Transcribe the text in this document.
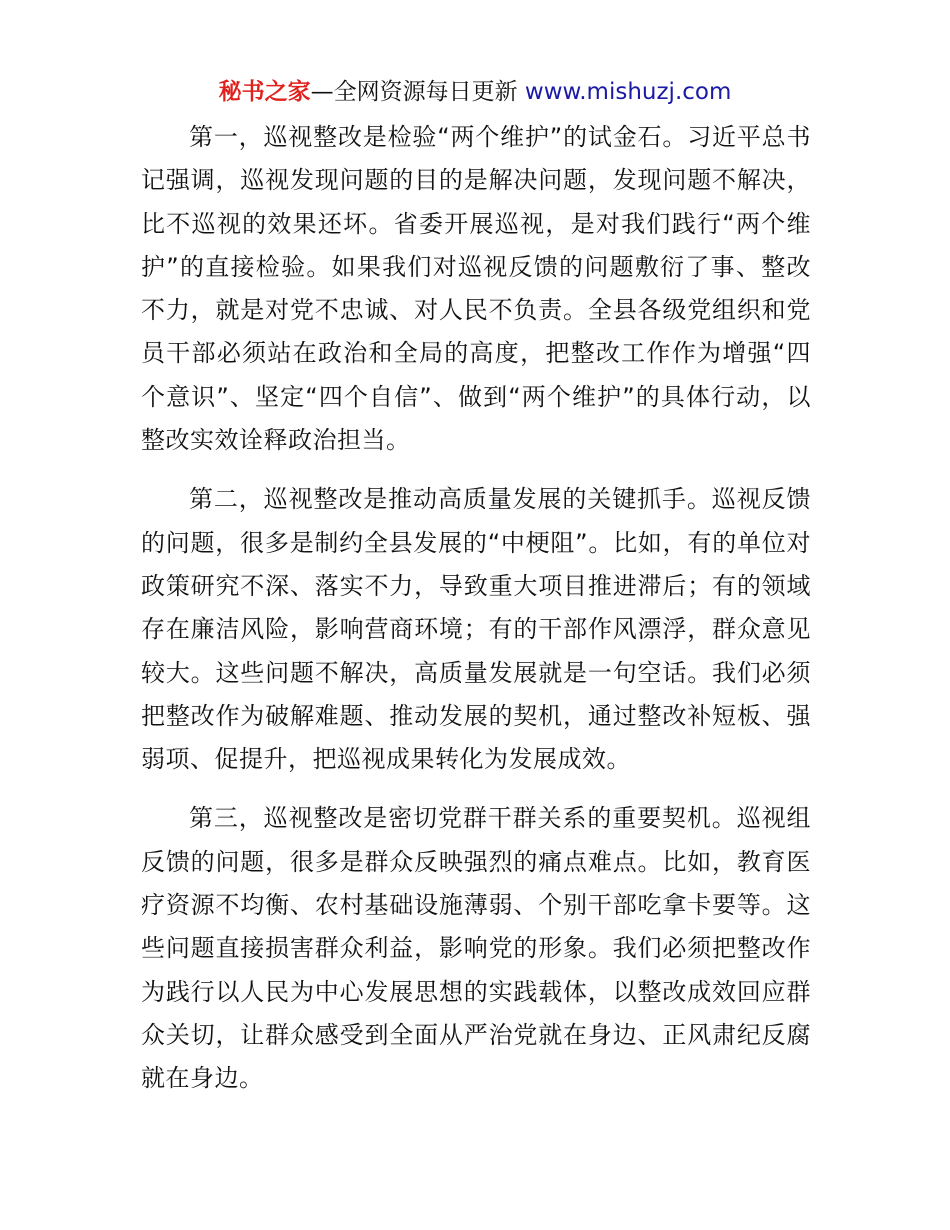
秘书之家—全网资源每日更新 www.mishuzj.com

第一，巡视整改是检验“两个维护”的试金石。习近平总书记强调，巡视发现问题的目的是解决问题，发现问题不解决，比不巡视的效果还坏。省委开展巡视，是对我们践行“两个维护”的直接检验。如果我们对巡视反馈的问题敷衍了事、整改不力，就是对党不忠诚、对人民不负责。全县各级党组织和党员干部必须站在政治和全局的高度，把整改工作作为增强“四个意识”、坚定“四个自信”、做到“两个维护”的具体行动，以整改实效诠释政治担当。

第二，巡视整改是推动高质量发展的关键抓手。巡视反馈的问题，很多是制约全县发展的“中梗阻”。比如，有的单位对政策研究不深、落实不力，导致重大项目推进滞后；有的领域存在廉洁风险，影响营商环境；有的干部作风漂浮，群众意见较大。这些问题不解决，高质量发展就是一句空话。我们必须把整改作为破解难题、推动发展的契机，通过整改补短板、强弱项、促提升，把巡视成果转化为发展成效。

第三，巡视整改是密切党群干群关系的重要契机。巡视组反馈的问题，很多是群众反映强烈的痛点难点。比如，教育医疗资源不均衡、农村基础设施薄弱、个别干部吃拿卡要等。这些问题直接损害群众利益，影响党的形象。我们必须把整改作为践行以人民为中心发展思想的实践载体，以整改成效回应群众关切，让群众感受到全面从严治党就在身边、正风肃纪反腐就在身边。
